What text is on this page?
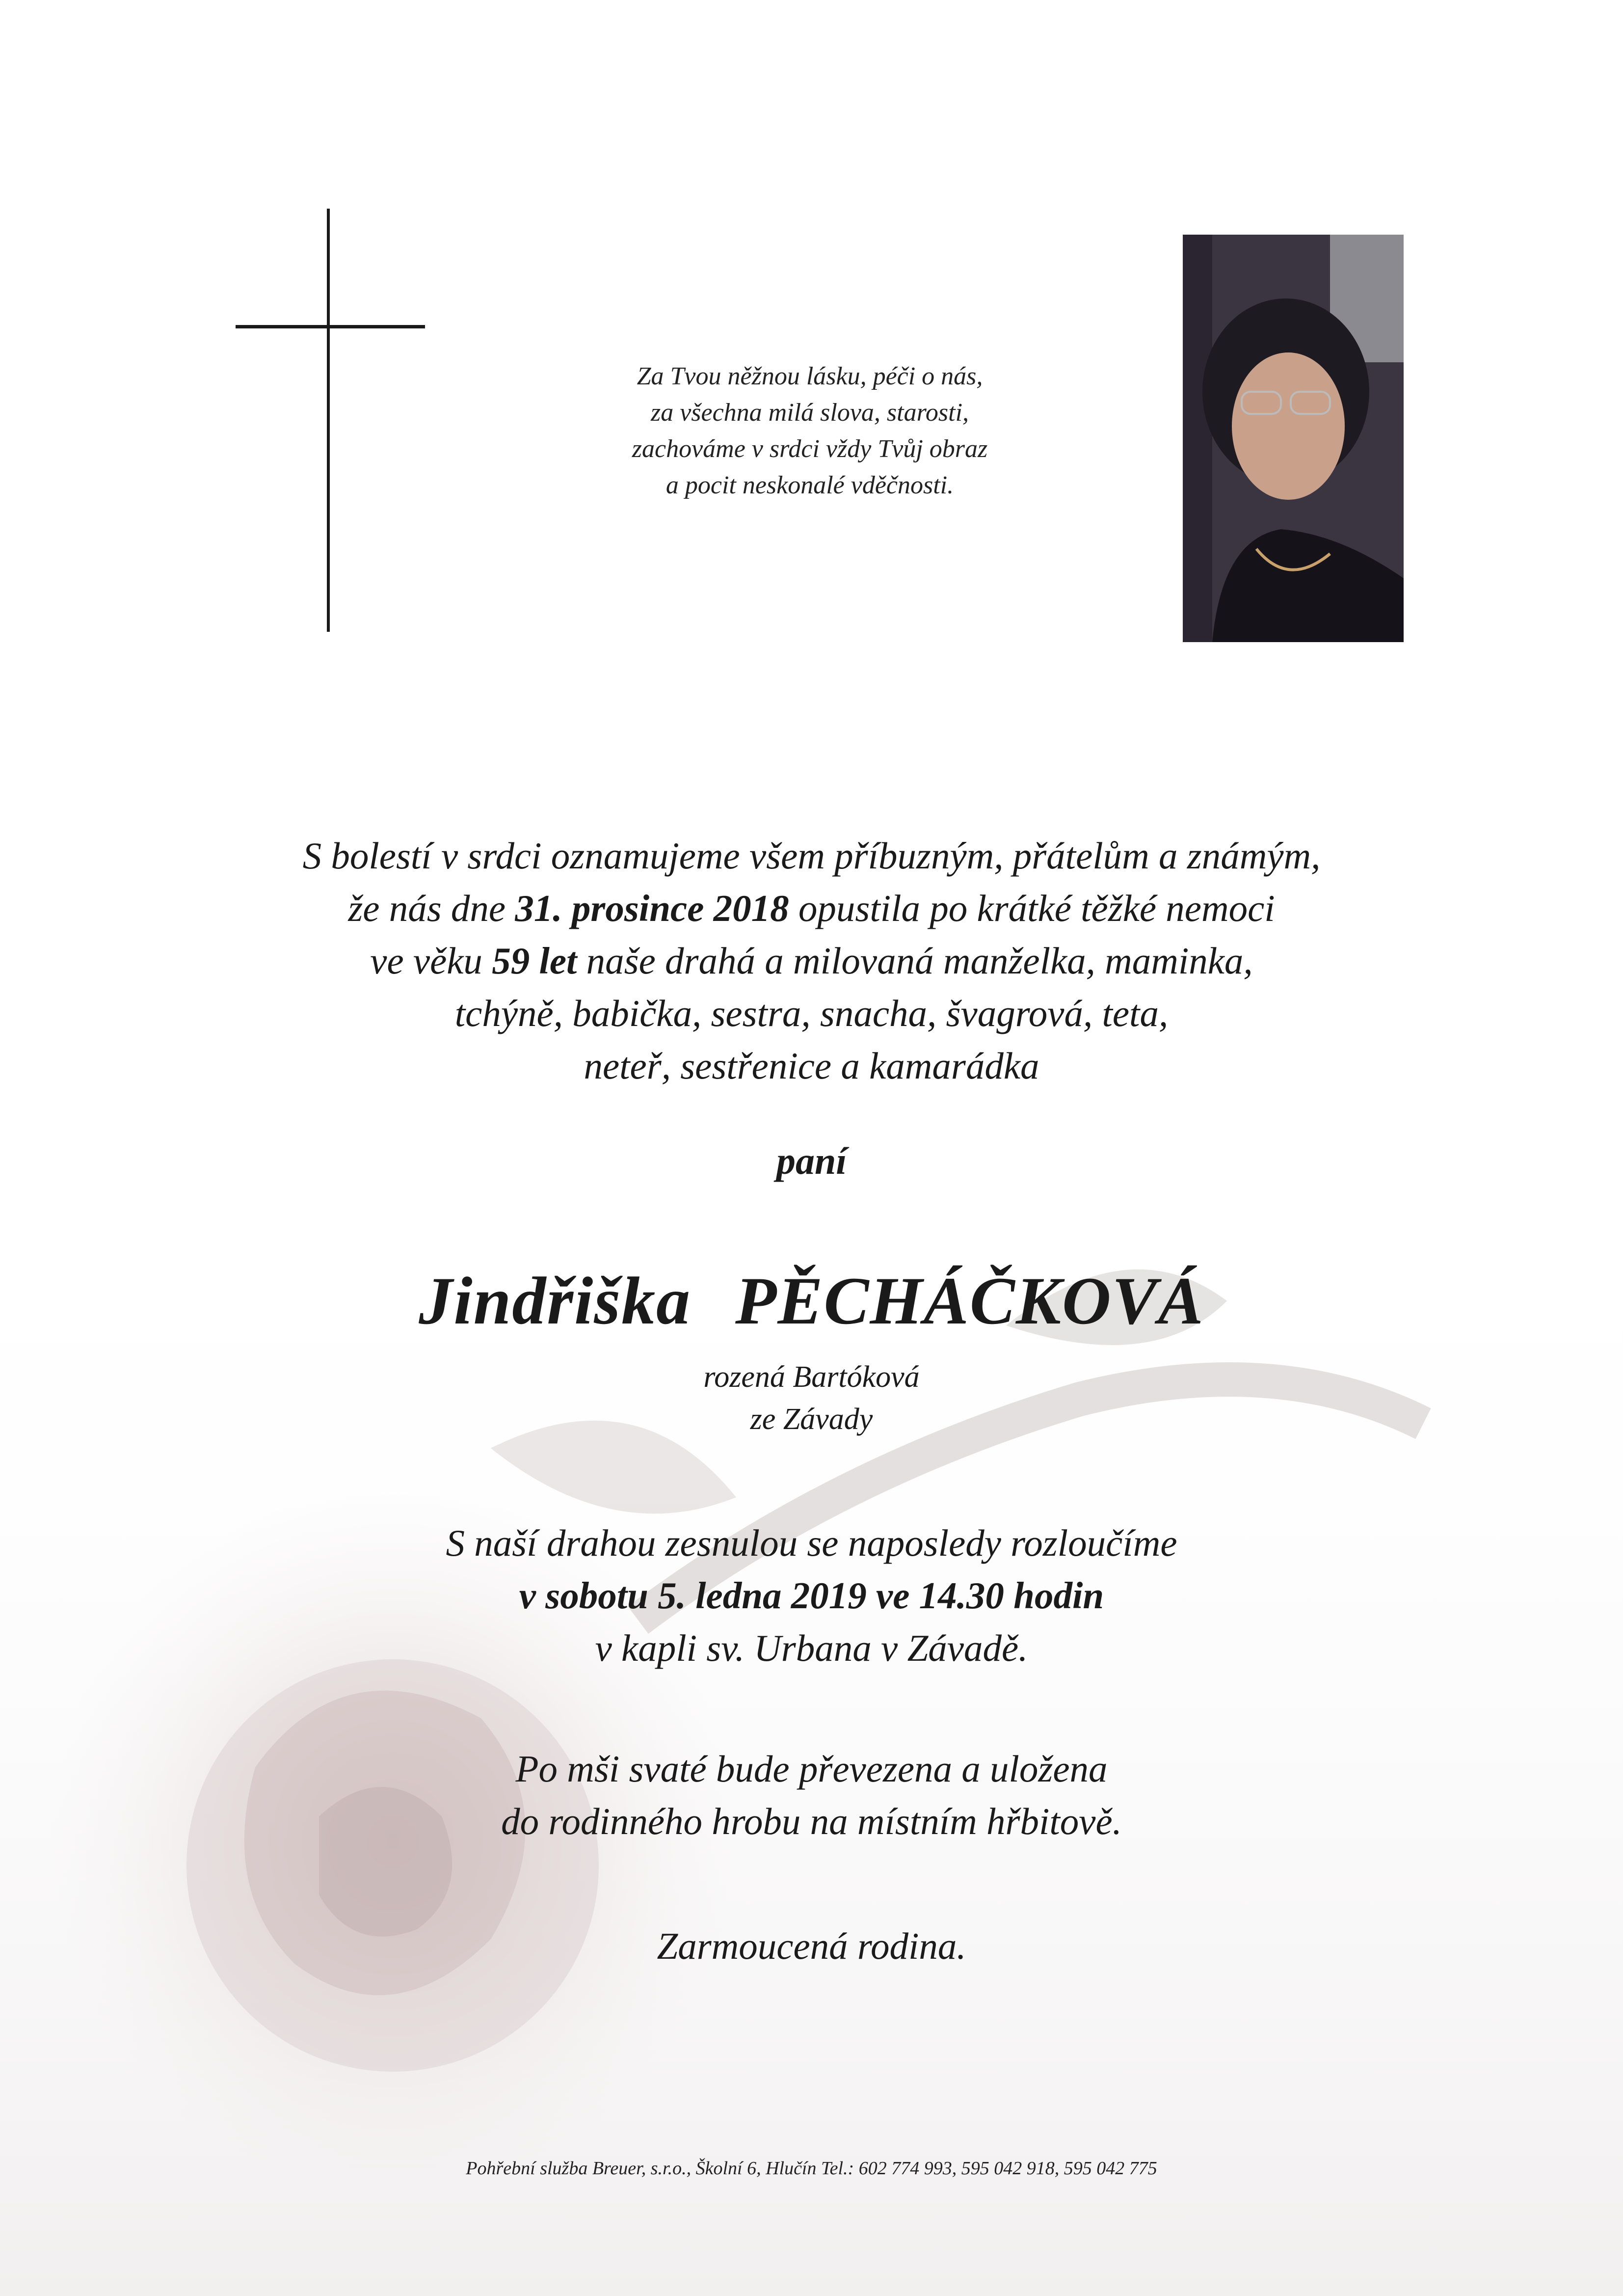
Za Tvou něžnou lásku, péči o nás,
za všechna milá slova, starosti,
zachováme v srdci vždy Tvůj obraz
a pocit neskonalé vděčnosti.
S bolestí v srdci oznamujeme všem příbuzným, přátelům a známým,
že nás dne 31. prosince 2018 opustila po krátké těžké nemoci
ve věku 59 let naše drahá a milovaná manželka, maminka,
tchýně, babička, sestra, snacha, švagrová, teta,
neteř, sestřenice a kamarádka
paní
Jindřiška PĚCHÁČKOVÁ
rozená Bartóková
ze Závady
S naší drahou zesnulou se naposledy rozloučíme
v sobotu 5. ledna 2019 ve 14.30 hodin
v kapli sv. Urbana v Závadě.
Po mši svaté bude převezena a uložena
do rodinného hrobu na místním hřbitově.
Zarmoucená rodina.
Pohřební služba Breuer, s.r.o., Školní 6, Hlučín Tel.: 602 774 993, 595 042 918, 595 042 775
